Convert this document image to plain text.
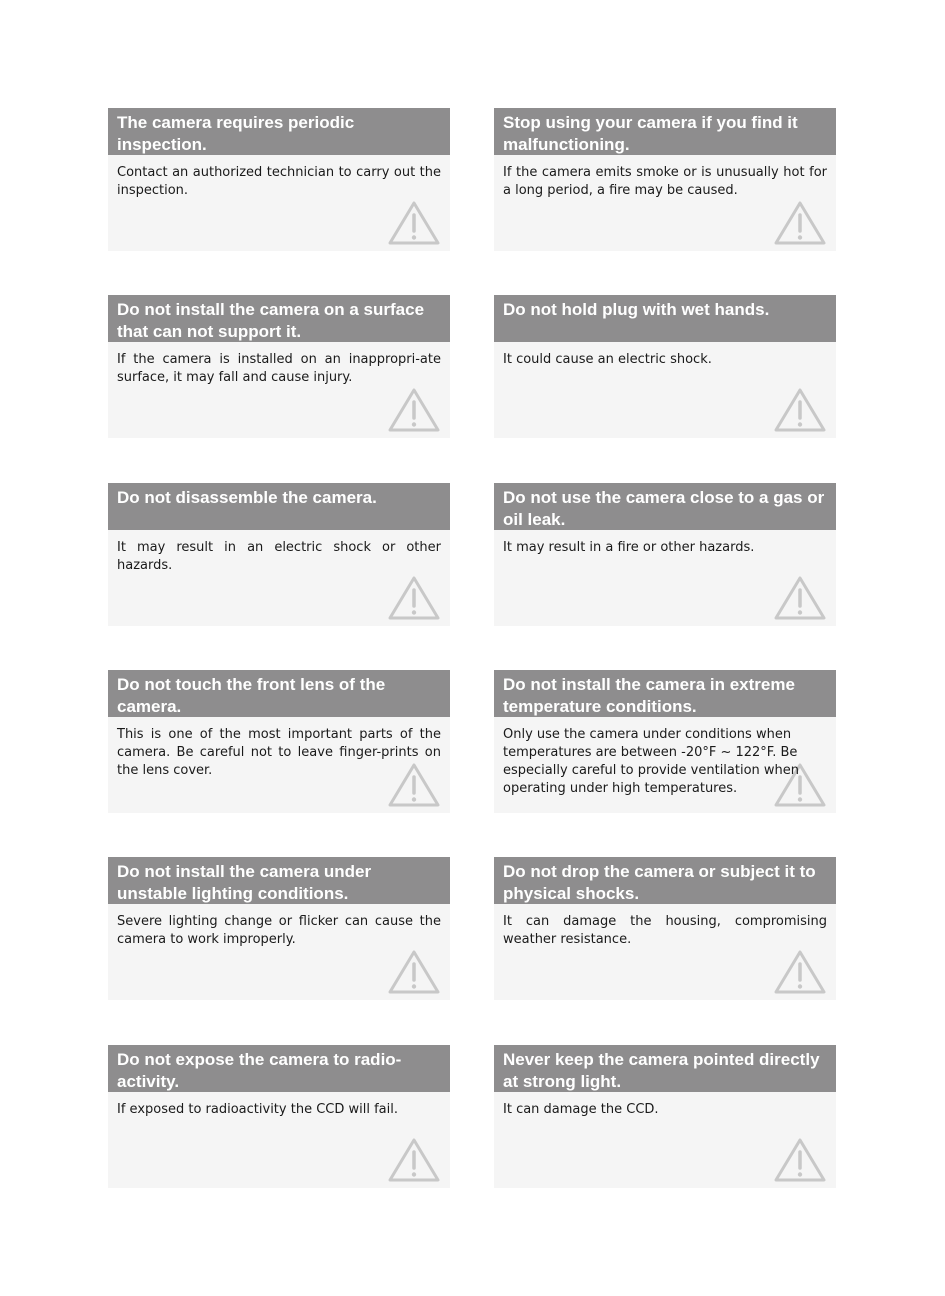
The camera requires periodic inspection.
Contact an authorized technician to carry out the inspection.
Stop using your camera if you find it malfunctioning.
If the camera emits smoke or is unusually hot for a long period, a fire may be caused.
Do not install the camera on a surface that can not support it.
If the camera is installed on an inappropri-ate surface, it may fall and cause injury.
Do not hold plug with wet hands.
It could cause an electric shock.
Do not disassemble the camera.
It may result in an electric shock or other hazards.
Do not use the camera close to a gas or oil leak.
It may result in a fire or other hazards.
Do not touch the front lens of the camera.
This is one of the most important parts of the camera. Be careful not to leave finger-prints on the lens cover.
Do not install the camera in extreme temperature conditions.
Only use the camera under conditions when temperatures are between -20°F ~ 122°F. Be especially careful to provide ventilation when operating under high temperatures.
Do not install the camera under unstable lighting conditions.
Severe lighting change or flicker can cause the camera to work improperly.
Do not drop the camera or subject it to physical shocks.
It can damage the housing, compromising weather resistance.
Do not expose the camera to radio-activity.
If exposed to radioactivity the CCD will fail.
Never keep the camera pointed directly at strong light.
It can damage the CCD.
